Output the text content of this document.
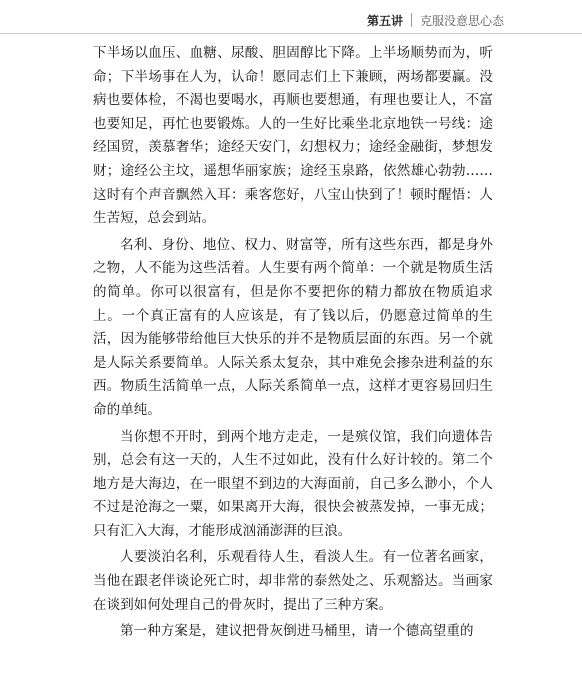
第五讲 克服没意思心态

下半场以血压、血糖、尿酸、胆固醇比下降。上半场顺势而为，听命；下半场事在人为，认命！愿同志们上下兼顾，两场都要赢。没病也要体检，不渴也要喝水，再顺也要想通，有理也要让人，不富也要知足，再忙也要锻炼。人的一生好比乘坐北京地铁一号线：途经国贸，羡慕奢华；途经天安门，幻想权力；途经金融街，梦想发财；途经公主坟，遥想华丽家族；途经玉泉路，依然雄心勃勃……这时有个声音飘然入耳：乘客您好，八宝山快到了！顿时醒悟：人生苦短，总会到站。

名利、身份、地位、权力、财富等，所有这些东西，都是身外之物，人不能为这些活着。人生要有两个简单：一个就是物质生活的简单。你可以很富有，但是你不要把你的精力都放在物质追求上。一个真正富有的人应该是，有了钱以后，仍愿意过简单的生活，因为能够带给他巨大快乐的并不是物质层面的东西。另一个就是人际关系要简单。人际关系太复杂，其中难免会掺杂进利益的东西。物质生活简单一点，人际关系简单一点，这样才更容易回归生命的单纯。

当你想不开时，到两个地方走走，一是殡仪馆，我们向遗体告别，总会有这一天的，人生不过如此，没有什么好计较的。第二个地方是大海边，在一眼望不到边的大海面前，自己多么渺小，个人不过是沧海之一粟，如果离开大海，很快会被蒸发掉，一事无成；只有汇入大海，才能形成汹涌澎湃的巨浪。

人要淡泊名利，乐观看待人生，看淡人生。有一位著名画家，当他在跟老伴谈论死亡时，却非常的泰然处之、乐观豁达。当画家在谈到如何处理自己的骨灰时，提出了三种方案。

第一种方案是，建议把骨灰倒进马桶里，请一个德高望重的
